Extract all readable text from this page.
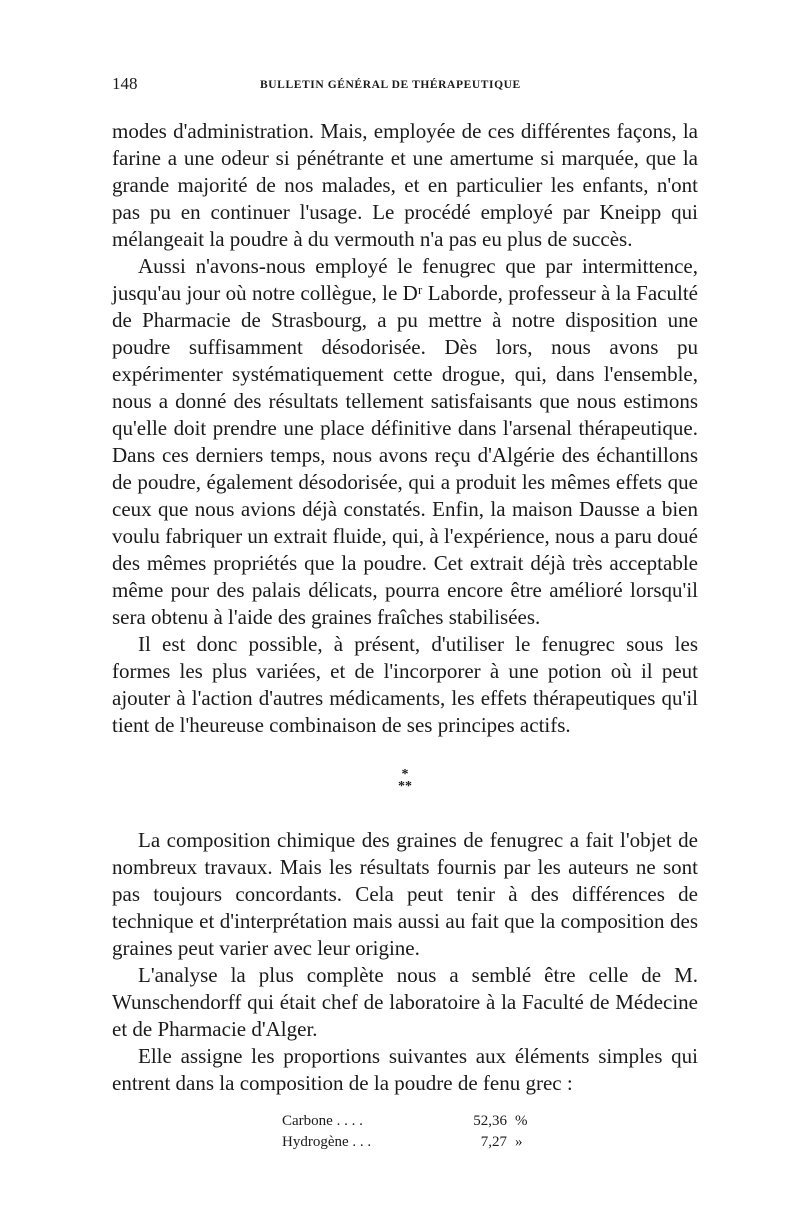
148	BULLETIN GÉNÉRAL DE THÉRAPEUTIQUE

modes d'administration. Mais, employée de ces différentes façons, la farine a une odeur si pénétrante et une amertume si marquée, que la grande majorité de nos malades, et en particulier les enfants, n'ont pas pu en continuer l'usage. Le procédé employé par Kneipp qui mélangeait la poudre à du vermouth n'a pas eu plus de succès.

Aussi n'avons-nous employé le fenugrec que par intermittence, jusqu'au jour où notre collègue, le Dʳ Laborde, professeur à la Faculté de Pharmacie de Strasbourg, a pu mettre à notre disposition une poudre suffisamment désodorisée. Dès lors, nous avons pu expérimenter systématiquement cette drogue, qui, dans l'ensemble, nous a donné des résultats tellement satisfaisants que nous estimons qu'elle doit prendre une place définitive dans l'arsenal thérapeutique. Dans ces derniers temps, nous avons reçu d'Algérie des échantillons de poudre, également désodorisée, qui a produit les mêmes effets que ceux que nous avions déjà constatés. Enfin, la maison Dausse a bien voulu fabriquer un extrait fluide, qui, à l'expérience, nous a paru doué des mêmes propriétés que la poudre. Cet extrait déjà très acceptable même pour des palais délicats, pourra encore être amélioré lorsqu'il sera obtenu à l'aide des graines fraîches stabilisées.

Il est donc possible, à présent, d'utiliser le fenugrec sous les formes les plus variées, et de l'incorporer à une potion où il peut ajouter à l'action d'autres médicaments, les effets thérapeutiques qu'il tient de l'heureuse combinaison de ses principes actifs.

*
**

La composition chimique des graines de fenugrec a fait l'objet de nombreux travaux. Mais les résultats fournis par les auteurs ne sont pas toujours concordants. Cela peut tenir à des différences de technique et d'interprétation mais aussi au fait que la composition des graines peut varier avec leur origine.

L'analyse la plus complète nous a semblé être celle de M. Wunschendorff qui était chef de laboratoire à la Faculté de Médecine et de Pharmacie d'Alger.

Elle assigne les proportions suivantes aux éléments simples qui entrent dans la composition de la poudre de fenu grec :

Carbone . . . .	52,36 %
Hydrogène . . .	7,27 »
